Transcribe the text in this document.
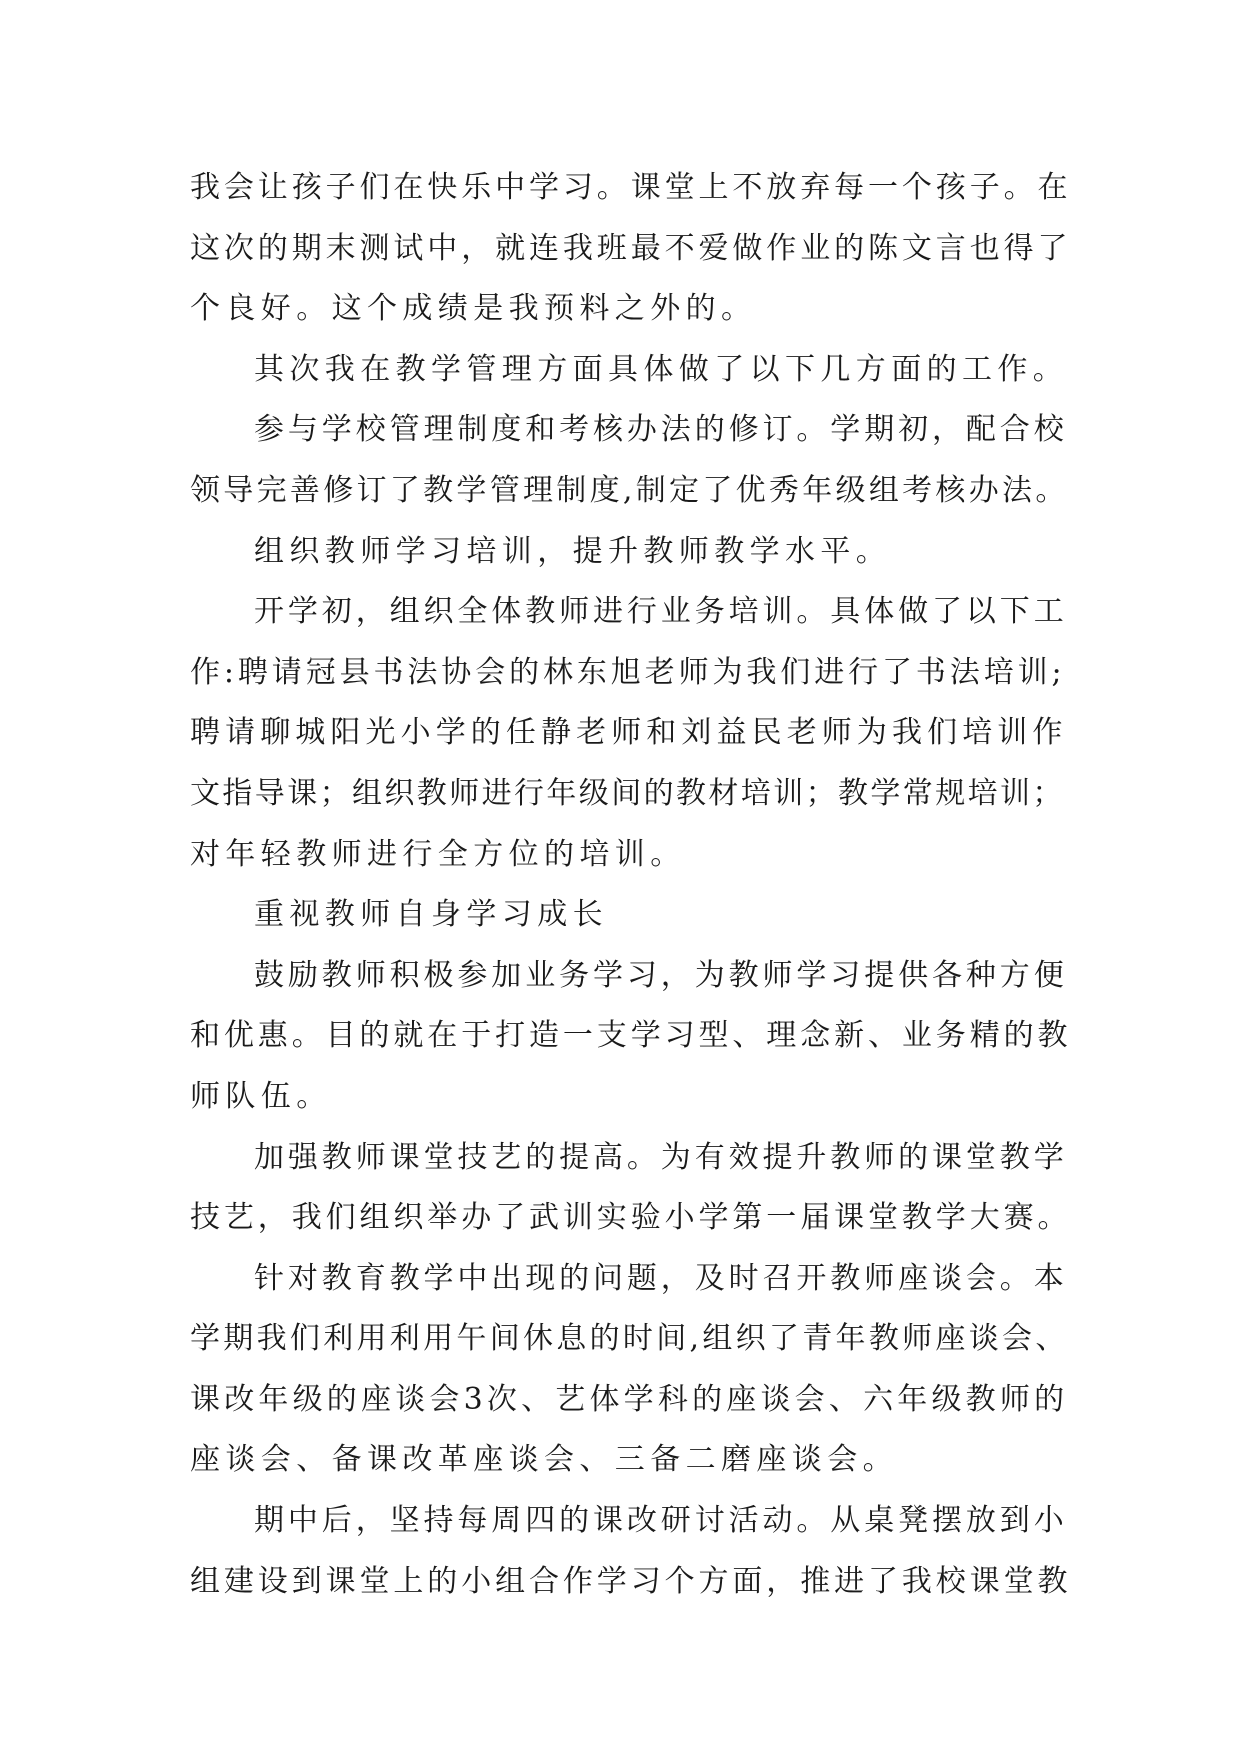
我会让孩子们在快乐中学习。课堂上不放弃每一个孩子。在
这次的期末测试中，就连我班最不爱做作业的陈文言也得了
个良好。这个成绩是我预料之外的。
其次我在教学管理方面具体做了以下几方面的工作。
参与学校管理制度和考核办法的修订。学期初，配合校
领导完善修订了教学管理制度,制定了优秀年级组考核办法。
组织教师学习培训，提升教师教学水平。
开学初，组织全体教师进行业务培训。具体做了以下工
作:聘请冠县书法协会的林东旭老师为我们进行了书法培训;
聘请聊城阳光小学的任静老师和刘益民老师为我们培训作
文指导课；组织教师进行年级间的教材培训；教学常规培训；
对年轻教师进行全方位的培训。
重视教师自身学习成长
鼓励教师积极参加业务学习，为教师学习提供各种方便
和优惠。目的就在于打造一支学习型、理念新、业务精的教
师队伍。
加强教师课堂技艺的提高。为有效提升教师的课堂教学
技艺，我们组织举办了武训实验小学第一届课堂教学大赛。
针对教育教学中出现的问题，及时召开教师座谈会。本
学期我们利用利用午间休息的时间,组织了青年教师座谈会、
课改年级的座谈会3次、艺体学科的座谈会、六年级教师的
座谈会、备课改革座谈会、三备二磨座谈会。
期中后，坚持每周四的课改研讨活动。从桌凳摆放到小
组建设到课堂上的小组合作学习个方面，推进了我校课堂教
